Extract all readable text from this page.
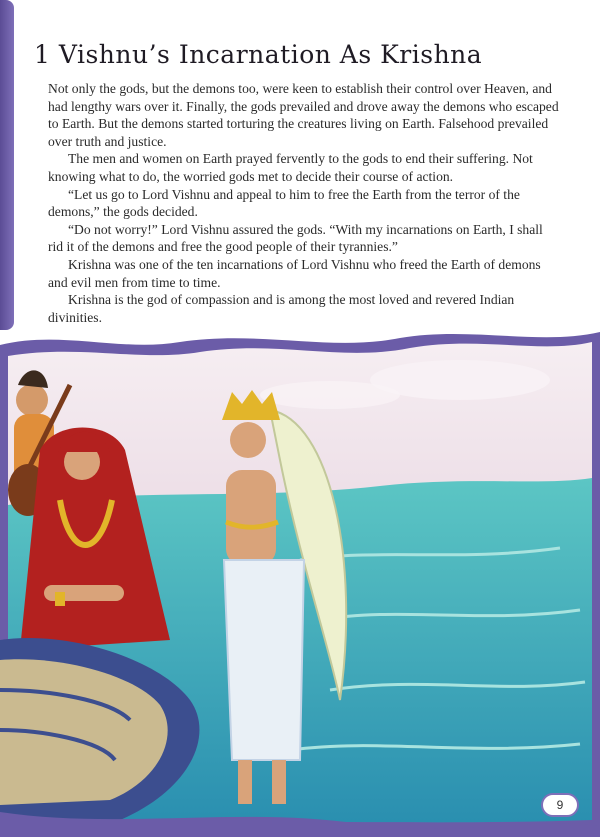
1 Vishnu’s Incarnation As Krishna

Not only the gods, but the demons too, were keen to establish their control over Heaven, and had lengthy wars over it. Finally, the gods prevailed and drove away the demons who escaped to Earth. But the demons started torturing the creatures living on Earth. Falsehood prevailed over truth and justice.

The men and women on Earth prayed fervently to the gods to end their suffering. Not knowing what to do, the worried gods met to decide their course of action.

“Let us go to Lord Vishnu and appeal to him to free the Earth from the terror of the demons,” the gods decided.

“Do not worry!” Lord Vishnu assured the gods. “With my incarnations on Earth, I shall rid it of the demons and free the good people of their tyrannies.”

Krishna was one of the ten incarnations of Lord Vishnu who freed the Earth of demons and evil men from time to time.

Krishna is the god of compassion and is among the most loved and revered Indian divinities.

9
